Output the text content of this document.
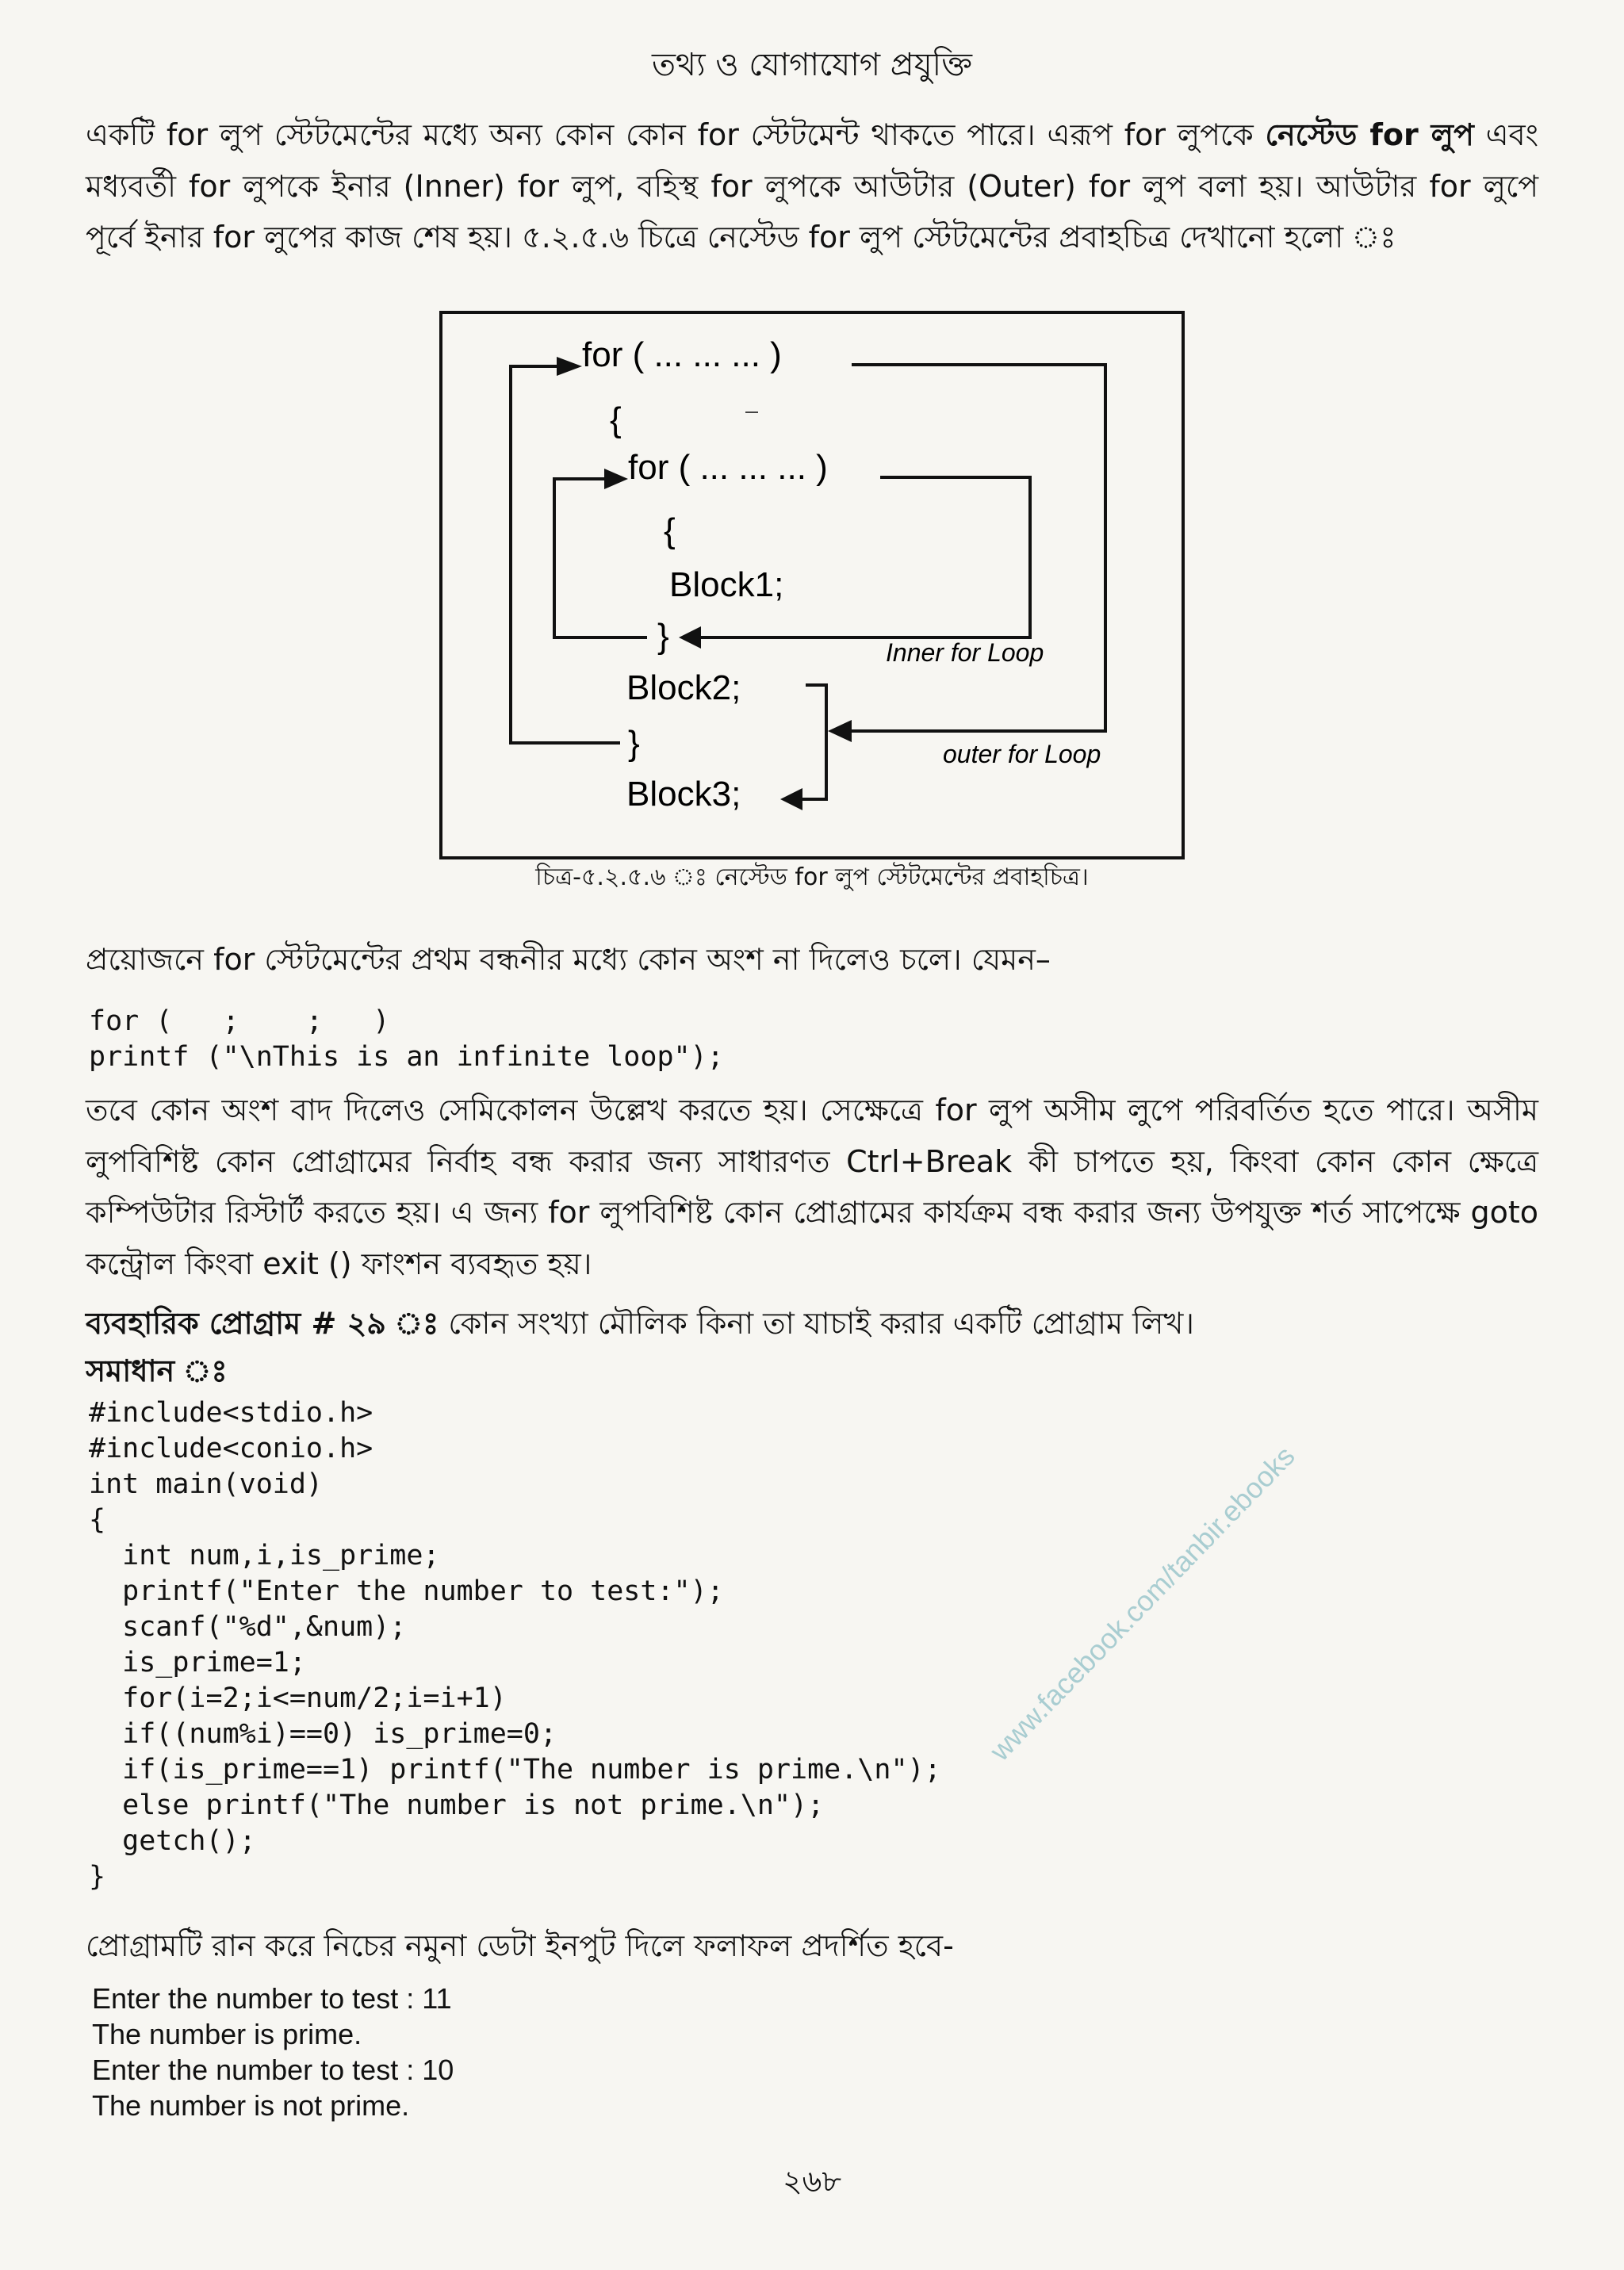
তথ্য ও যোগাযোগ প্রযুক্তি
একটি for লুপ স্টেটমেন্টের মধ্যে অন্য কোন কোন for স্টেটমেন্ট থাকতে পারে। এরূপ for লুপকে নেস্টেড for লুপ এবং মধ্যবর্তী for লুপকে ইনার (Inner) for লুপ, বহিস্থ for লুপকে আউটার (Outer) for লুপ বলা হয়। আউটার for লুপে পূর্বে ইনার for লুপের কাজ শেষ হয়। ৫.২.৫.৬ চিত্রে নেস্টেড for লুপ স্টেটমেন্টের প্রবাহচিত্র দেখানো হলো ঃ
for ( ... ... ... )
{
for ( ... ... ... )
{
Block1;
}	Inner for Loop
Block2;
}	outer for Loop
Block3;
চিত্র-৫.২.৫.৬ ঃ নেস্টেড for লুপ স্টেটমেন্টের প্রবাহচিত্র।
প্রয়োজনে for স্টেটমেন্টের প্রথম বন্ধনীর মধ্যে কোন অংশ না দিলেও চলে। যেমন–
for (   ;    ;   )
printf ("\nThis is an infinite loop");
তবে কোন অংশ বাদ দিলেও সেমিকোলন উল্লেখ করতে হয়। সেক্ষেত্রে for লুপ অসীম লুপে পরিবর্তিত হতে পারে। অসীম লুপবিশিষ্ট কোন প্রোগ্রামের নির্বাহ বন্ধ করার জন্য সাধারণত Ctrl+Break কী চাপতে হয়, কিংবা কোন কোন ক্ষেত্রে কম্পিউটার রিস্টার্ট করতে হয়। এ জন্য for লুপবিশিষ্ট কোন প্রোগ্রামের কার্যক্রম বন্ধ করার জন্য উপযুক্ত শর্ত সাপেক্ষে goto কন্ট্রোল কিংবা exit () ফাংশন ব্যবহৃত হয়।
ব্যবহারিক প্রোগ্রাম # ২৯ ঃ কোন সংখ্যা মৌলিক কিনা তা যাচাই করার একটি প্রোগ্রাম লিখ।
সমাধান ঃ
#include<stdio.h>
#include<conio.h>
int main(void)
{
int num,i,is_prime;
printf("Enter the number to test:");
scanf("%d",&num);
is_prime=1;
for(i=2;i<=num/2;i=i+1)
if((num%i)==0) is_prime=0;
if(is_prime==1) printf("The number is prime.\n");
else printf("The number is not prime.\n");
getch();
}
প্রোগ্রামটি রান করে নিচের নমুনা ডেটা ইনপুট দিলে ফলাফল প্রদর্শিত হবে-
Enter the number to test : 11
The number is prime.
Enter the number to test : 10
The number is not prime.
২৬৮
www.facebook.com/tanbir.ebooks
